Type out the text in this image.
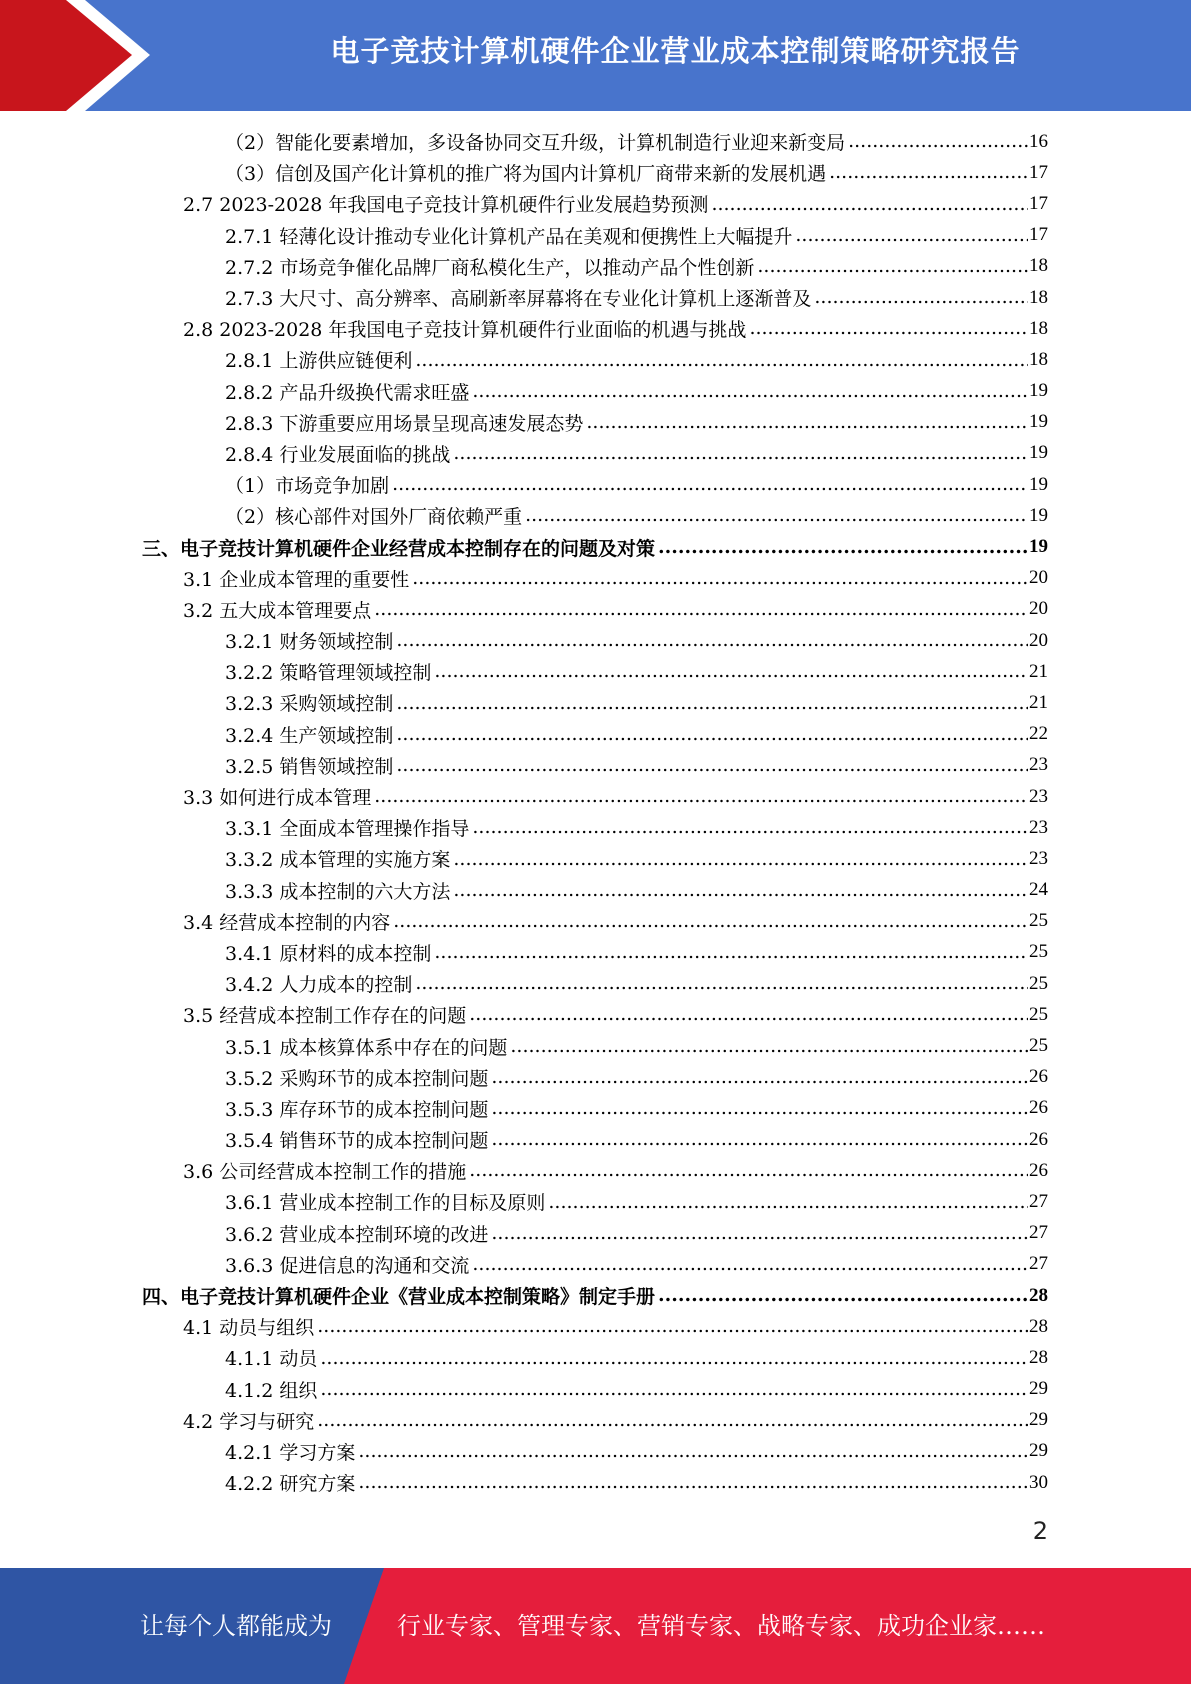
电子竞技计算机硬件企业营业成本控制策略研究报告
（2）智能化要素增加，多设备协同交互升级，计算机制造行业迎来新变局 .....	16
（3）信创及国产化计算机的推广将为国内计算机厂商带来新的发展机遇 .....	17
2.7 2023-2028 年我国电子竞技计算机硬件行业发展趋势预测 .....	17
2.7.1 轻薄化设计推动专业化计算机产品在美观和便携性上大幅提升 .....	17
2.7.2 市场竞争催化品牌厂商私模化生产，以推动产品个性创新 .....	18
2.7.3 大尺寸、高分辨率、高刷新率屏幕将在专业化计算机上逐渐普及 .....	18
2.8 2023-2028 年我国电子竞技计算机硬件行业面临的机遇与挑战 .....	18
2.8.1 上游供应链便利 .....	18
2.8.2 产品升级换代需求旺盛 .....	19
2.8.3 下游重要应用场景呈现高速发展态势 .....	19
2.8.4 行业发展面临的挑战 .....	19
（1）市场竞争加剧 .....	19
（2）核心部件对国外厂商依赖严重 .....	19
三、电子竞技计算机硬件企业经营成本控制存在的问题及对策 .....	19
3.1 企业成本管理的重要性 .....	20
3.2 五大成本管理要点 .....	20
3.2.1 财务领域控制 .....	20
3.2.2 策略管理领域控制 .....	21
3.2.3 采购领域控制 .....	21
3.2.4 生产领域控制 .....	22
3.2.5 销售领域控制 .....	23
3.3 如何进行成本管理 .....	23
3.3.1 全面成本管理操作指导 .....	23
3.3.2 成本管理的实施方案 .....	23
3.3.3 成本控制的六大方法 .....	24
3.4 经营成本控制的内容 .....	25
3.4.1 原材料的成本控制 .....	25
3.4.2 人力成本的控制 .....	25
3.5 经营成本控制工作存在的问题 .....	25
3.5.1 成本核算体系中存在的问题 .....	25
3.5.2 采购环节的成本控制问题 .....	26
3.5.3 库存环节的成本控制问题 .....	26
3.5.4 销售环节的成本控制问题 .....	26
3.6 公司经营成本控制工作的措施 .....	26
3.6.1 营业成本控制工作的目标及原则 .....	27
3.6.2 营业成本控制环境的改进 .....	27
3.6.3 促进信息的沟通和交流 .....	27
四、电子竞技计算机硬件企业《营业成本控制策略》制定手册 .....	28
4.1 动员与组织 .....	28
4.1.1 动员 .....	28
4.1.2 组织 .....	29
4.2 学习与研究 .....	29
4.2.1 学习方案 .....	29
4.2.2 研究方案 .....	30
2
让每个人都能成为	行业专家、管理专家、营销专家、战略专家、成功企业家……
